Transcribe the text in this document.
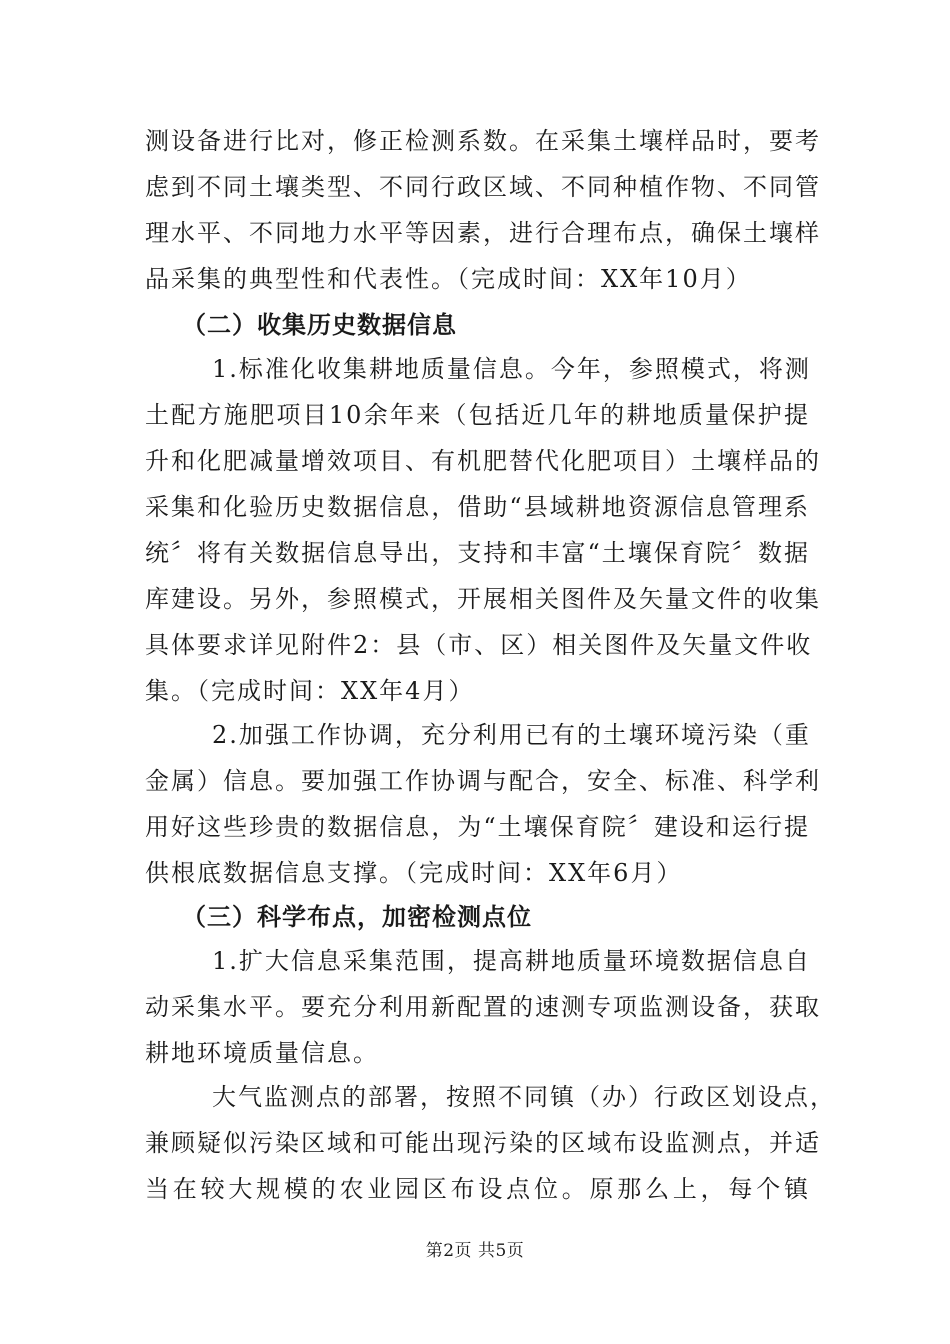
测设备进行比对，修正检测系数。在采集土壤样品时，要考
虑到不同土壤类型、不同行政区域、不同种植作物、不同管
理水平、不同地力水平等因素，进行合理布点，确保土壤样
品采集的典型性和代表性。（完成时间：XX年10月）
（二）收集历史数据信息
1.标准化收集耕地质量信息。今年，参照模式，将测
土配方施肥项目10余年来（包括近几年的耕地质量保护提
升和化肥减量增效项目、有机肥替代化肥项目）土壤样品的
采集和化验历史数据信息，借助“县域耕地资源信息管理系
统〞将有关数据信息导出，支持和丰富“土壤保育院〞数据
库建设。另外，参照模式，开展相关图件及矢量文件的收集
具体要求详见附件2：县（市、区）相关图件及矢量文件收
集。（完成时间：XX年4月）
2.加强工作协调，充分利用已有的土壤环境污染（重
金属）信息。要加强工作协调与配合，安全、标准、科学利
用好这些珍贵的数据信息，为“土壤保育院〞建设和运行提
供根底数据信息支撑。（完成时间：XX年6月）
（三）科学布点，加密检测点位
1.扩大信息采集范围，提高耕地质量环境数据信息自
动采集水平。要充分利用新配置的速测专项监测设备，获取
耕地环境质量信息。
大气监测点的部署，按照不同镇（办）行政区划设点，
兼顾疑似污染区域和可能出现污染的区域布设监测点，并适
当在较大规模的农业园区布设点位。原那么上，每个镇
第2页 共5页
